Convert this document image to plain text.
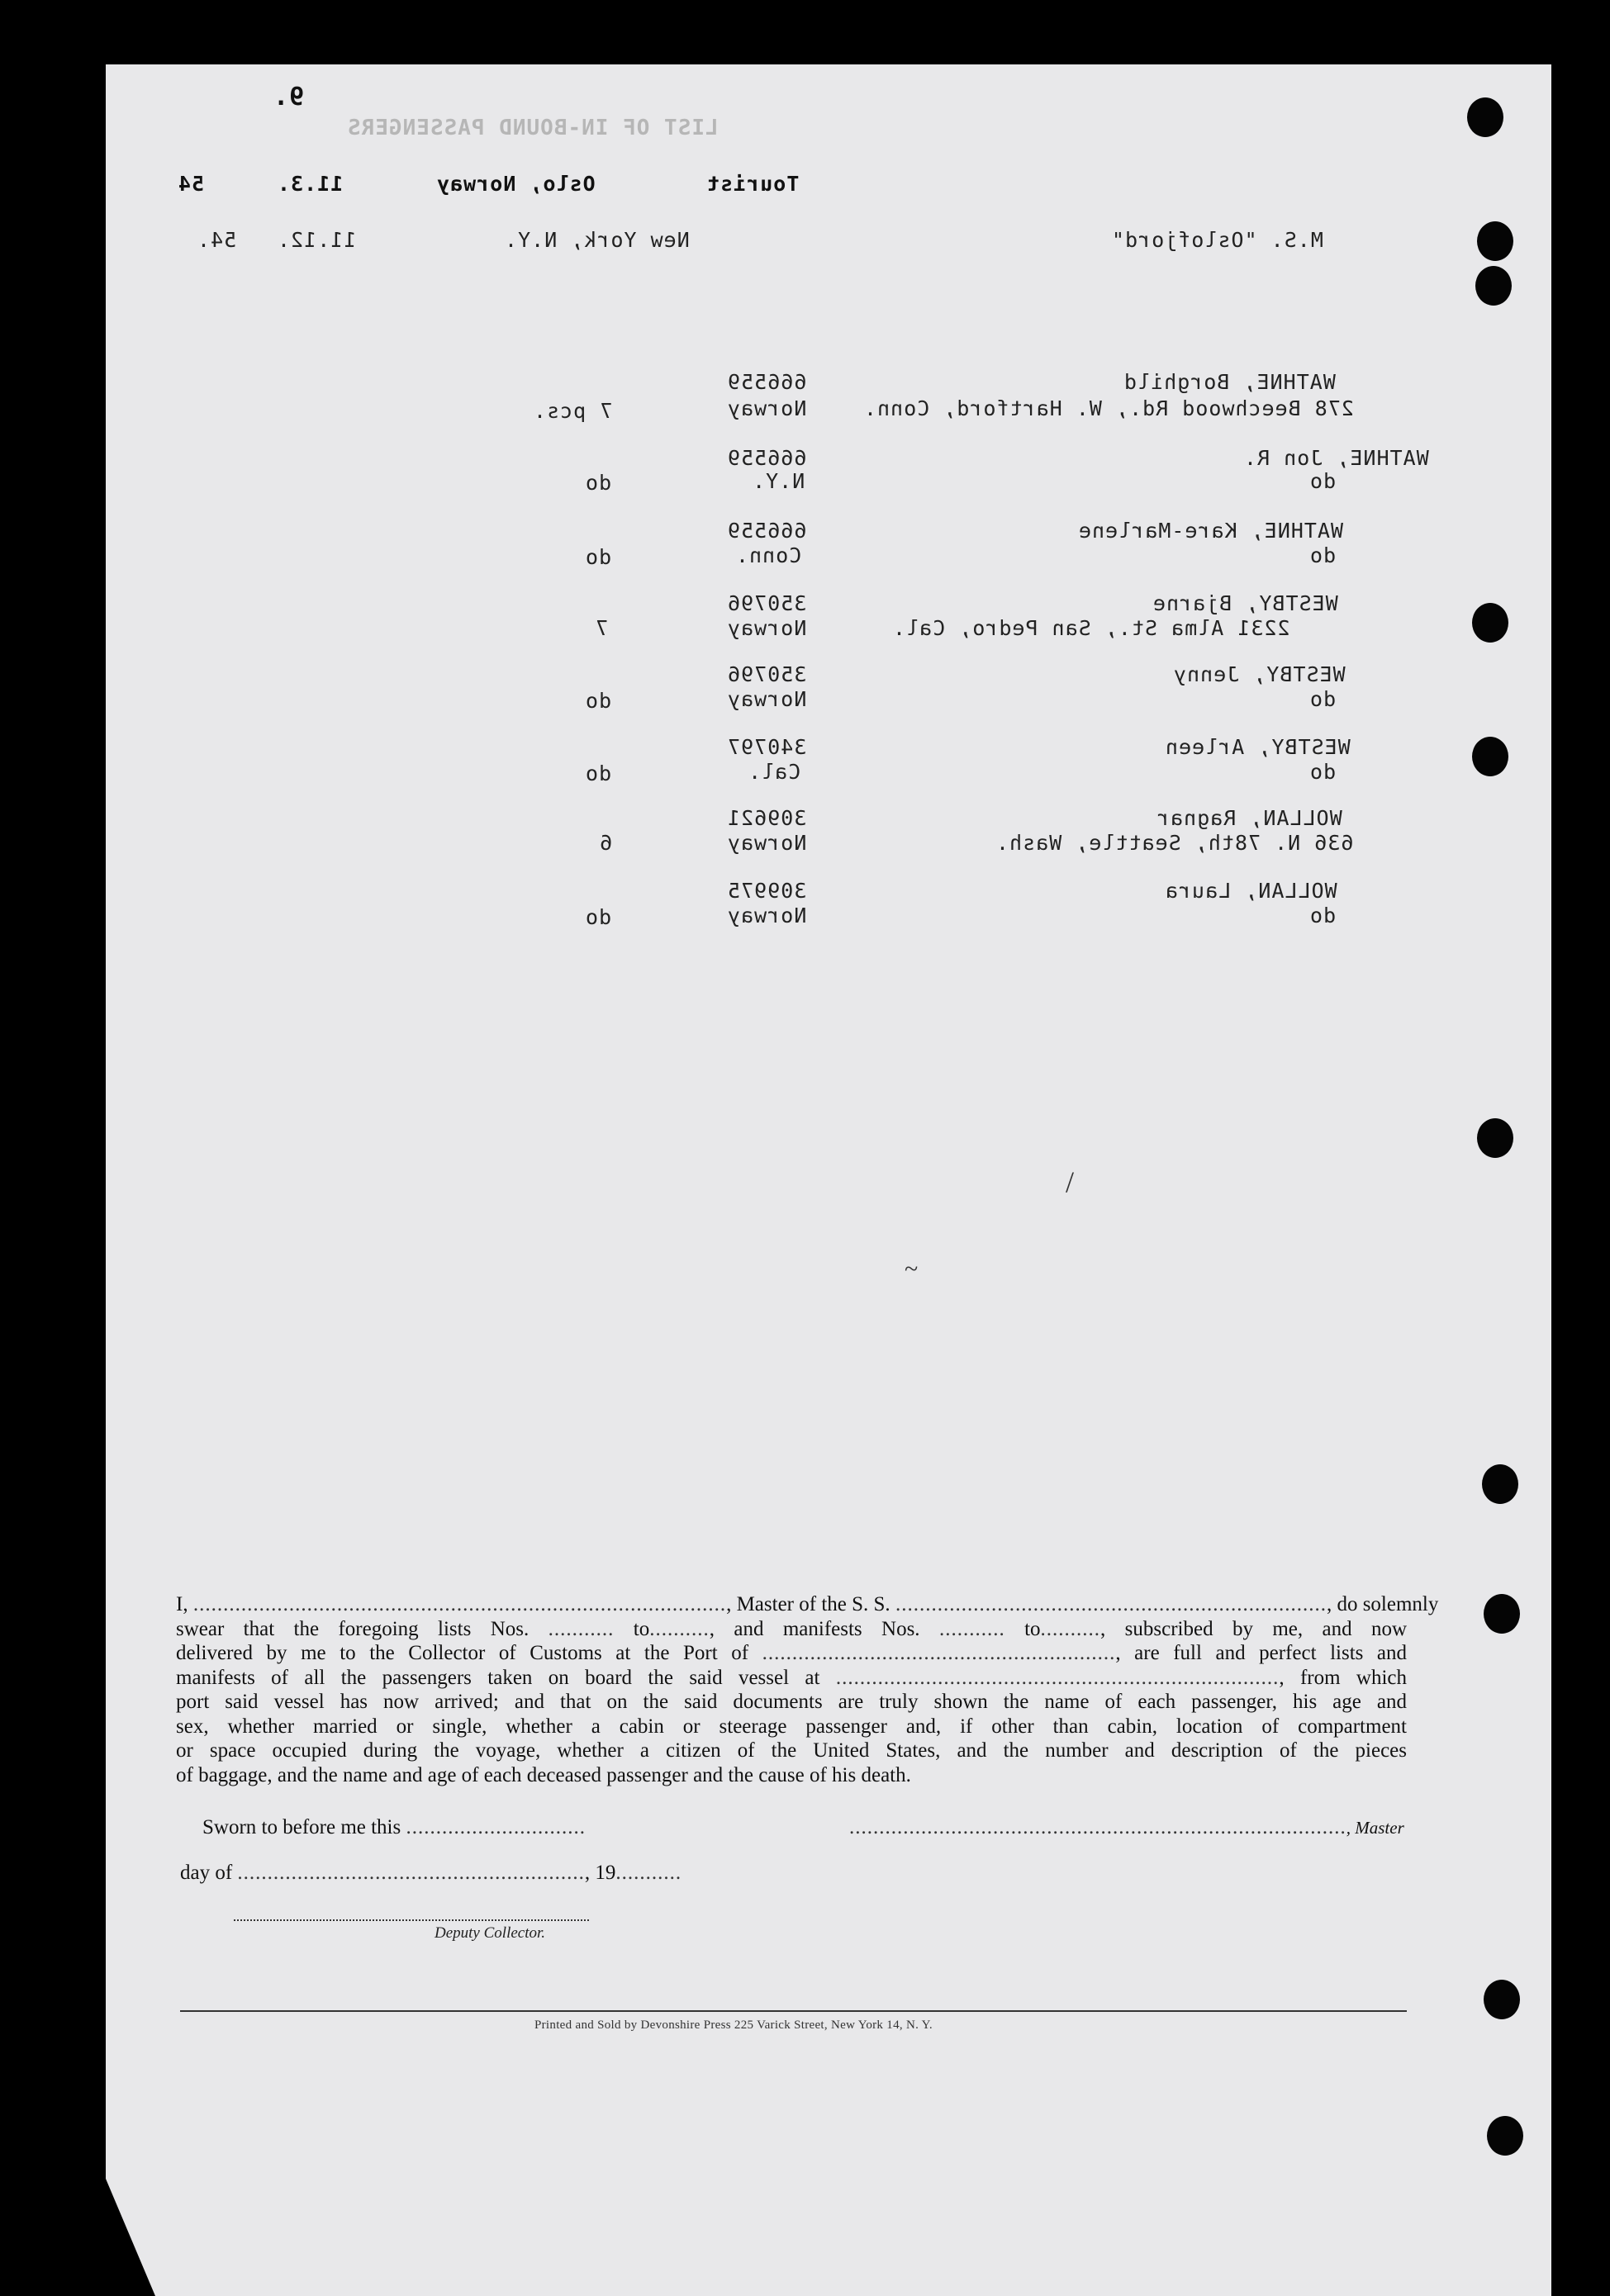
9.
LIST OF IN-BOUND PASSENGERS
Tourist
Oslo, Norway
11.3.
54
M.S. "Oslofjord"
New York, N.Y.
11.12.
54.
WATHNE, Borghild
278 Beechwood Rd., W. Hartford, Conn.
666559
Norway
7 pcs.
WATHNE, Jon R.
do
666559
N.Y.
do
WATHNE, Kare-Marlene
do
666559
Conn.
do
WESTBY, Bjarne
2231 Alma St., San Pedro, Cal.
350796
Norway
7
WESTBY, Jenny
do
350796
Norway
do
WESTBY, Arleen
do
340797
Cal.
do
WOLLAN, Ragnar
636 N. 78th, Seattle, Wash.
309621
Norway
6
WOLLAN, Laura
do
309975
Norway
do
/
~
I, ........................................................................................., Master of the S. S. ........................................................................, do solemnly
swear that the foregoing lists Nos. ........... to.........., and manifests Nos. ........... to.........., subscribed by me, and now
delivered by me to the Collector of Customs at the Port of ..........................................................., are full and perfect lists and
manifests of all the passengers taken on board the said vessel at .........................................................................., from which
port said vessel has now arrived; and that on the said documents are truly shown the name of each passenger, his age and
sex, whether married or single, whether a cabin or steerage passenger and, if other than cabin, location of compartment
or space occupied during the voyage, whether a citizen of the United States, and the number and description of the pieces
of baggage, and the name and age of each deceased passenger and the cause of his death.
Sworn to before me this ..............................	..................................................................................., Master
day of .........................................................., 19...........
Deputy Collector.
Printed and Sold by Devonshire Press 225 Varick Street, New York 14, N. Y.
